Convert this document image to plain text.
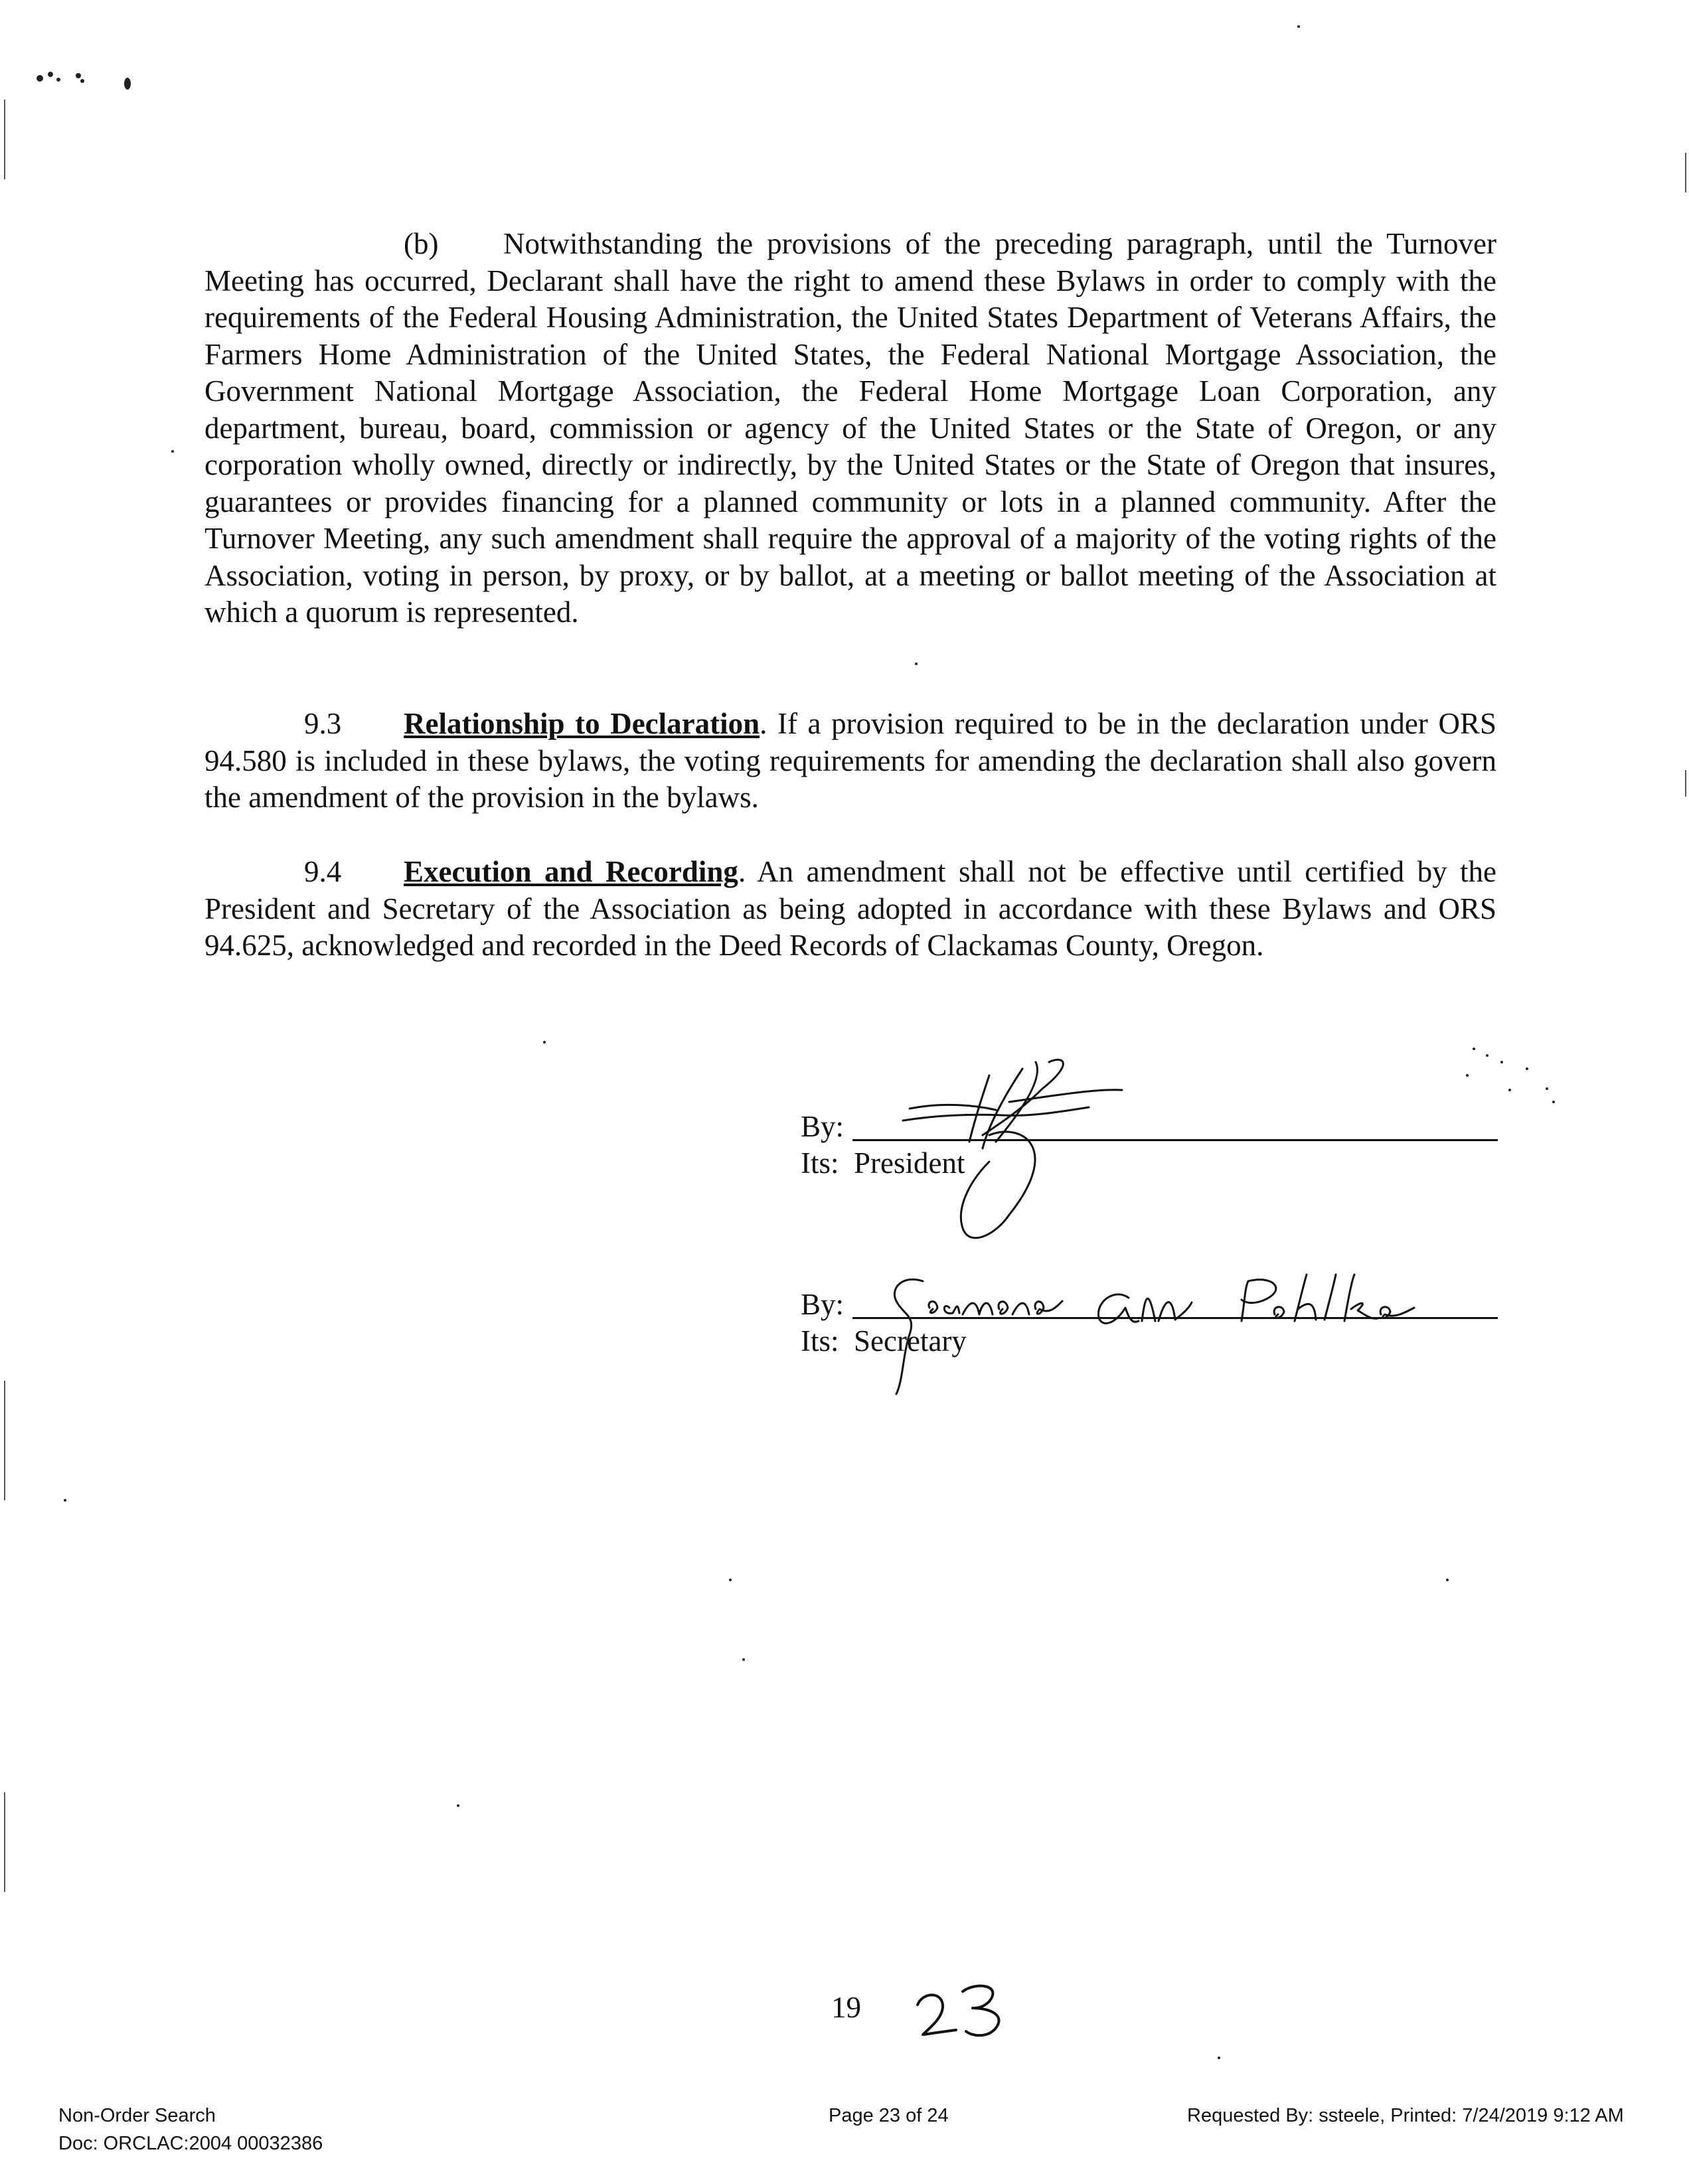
(b) Notwithstanding the provisions of the preceding paragraph, until the Turnover Meeting has occurred, Declarant shall have the right to amend these Bylaws in order to comply with the requirements of the Federal Housing Administration, the United States Department of Veterans Affairs, the Farmers Home Administration of the United States, the Federal National Mortgage Association, the Government National Mortgage Association, the Federal Home Mortgage Loan Corporation, any department, bureau, board, commission or agency of the United States or the State of Oregon, or any corporation wholly owned, directly or indirectly, by the United States or the State of Oregon that insures, guarantees or provides financing for a planned community or lots in a planned community. After the Turnover Meeting, any such amendment shall require the approval of a majority of the voting rights of the Association, voting in person, by proxy, or by ballot, at a meeting or ballot meeting of the Association at which a quorum is represented.
9.3 Relationship to Declaration. If a provision required to be in the declaration under ORS 94.580 is included in these bylaws, the voting requirements for amending the declaration shall also govern the amendment of the provision in the bylaws.
9.4 Execution and Recording. An amendment shall not be effective until certified by the President and Secretary of the Association as being adopted in accordance with these Bylaws and ORS 94.625, acknowledged and recorded in the Deed Records of Clackamas County, Oregon.
By:
Its: President
By:
Its: Secretary
19
Non-Order Search
Doc: ORCLAC:2004 00032386
Page 23 of 24	Requested By: ssteele, Printed: 7/24/2019 9:12 AM
